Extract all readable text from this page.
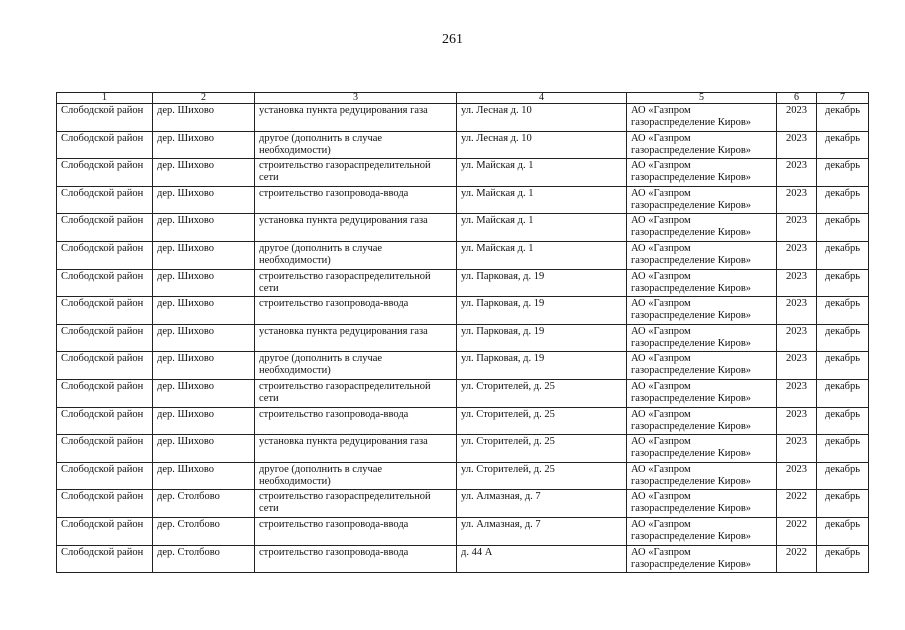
261
1	2	3	4	5	6	7
Слободской район	дер. Шихово	установка пункта редуцирования газа	ул. Лесная д. 10	АО «Газпром газораспределение Киров»	2023	декабрь
Слободской район	дер. Шихово	другое (дополнить в случае необходимости)	ул. Лесная д. 10	АО «Газпром газораспределение Киров»	2023	декабрь
Слободской район	дер. Шихово	строительство газораспределительной сети	ул. Майская д. 1	АО «Газпром газораспределение Киров»	2023	декабрь
Слободской район	дер. Шихово	строительство газопровода-ввода	ул. Майская д. 1	АО «Газпром газораспределение Киров»	2023	декабрь
Слободской район	дер. Шихово	установка пункта редуцирования газа	ул. Майская д. 1	АО «Газпром газораспределение Киров»	2023	декабрь
Слободской район	дер. Шихово	другое (дополнить в случае необходимости)	ул. Майская д. 1	АО «Газпром газораспределение Киров»	2023	декабрь
Слободской район	дер. Шихово	строительство газораспределительной сети	ул. Парковая, д. 19	АО «Газпром газораспределение Киров»	2023	декабрь
Слободской район	дер. Шихово	строительство газопровода-ввода	ул. Парковая, д. 19	АО «Газпром газораспределение Киров»	2023	декабрь
Слободской район	дер. Шихово	установка пункта редуцирования газа	ул. Парковая, д. 19	АО «Газпром газораспределение Киров»	2023	декабрь
Слободской район	дер. Шихово	другое (дополнить в случае необходимости)	ул. Парковая, д. 19	АО «Газпром газораспределение Киров»	2023	декабрь
Слободской район	дер. Шихово	строительство газораспределительной сети	ул. Сторителей, д. 25	АО «Газпром газораспределение Киров»	2023	декабрь
Слободской район	дер. Шихово	строительство газопровода-ввода	ул. Сторителей, д. 25	АО «Газпром газораспределение Киров»	2023	декабрь
Слободской район	дер. Шихово	установка пункта редуцирования газа	ул. Сторителей, д. 25	АО «Газпром газораспределение Киров»	2023	декабрь
Слободской район	дер. Шихово	другое (дополнить в случае необходимости)	ул. Сторителей, д. 25	АО «Газпром газораспределение Киров»	2023	декабрь
Слободской район	дер. Столбово	строительство газораспределительной сети	ул. Алмазная, д. 7	АО «Газпром газораспределение Киров»	2022	декабрь
Слободской район	дер. Столбово	строительство газопровода-ввода	ул. Алмазная, д. 7	АО «Газпром газораспределение Киров»	2022	декабрь
Слободской район	дер. Столбово	строительство газопровода-ввода	д. 44 А	АО «Газпром газораспределение Киров»	2022	декабрь
